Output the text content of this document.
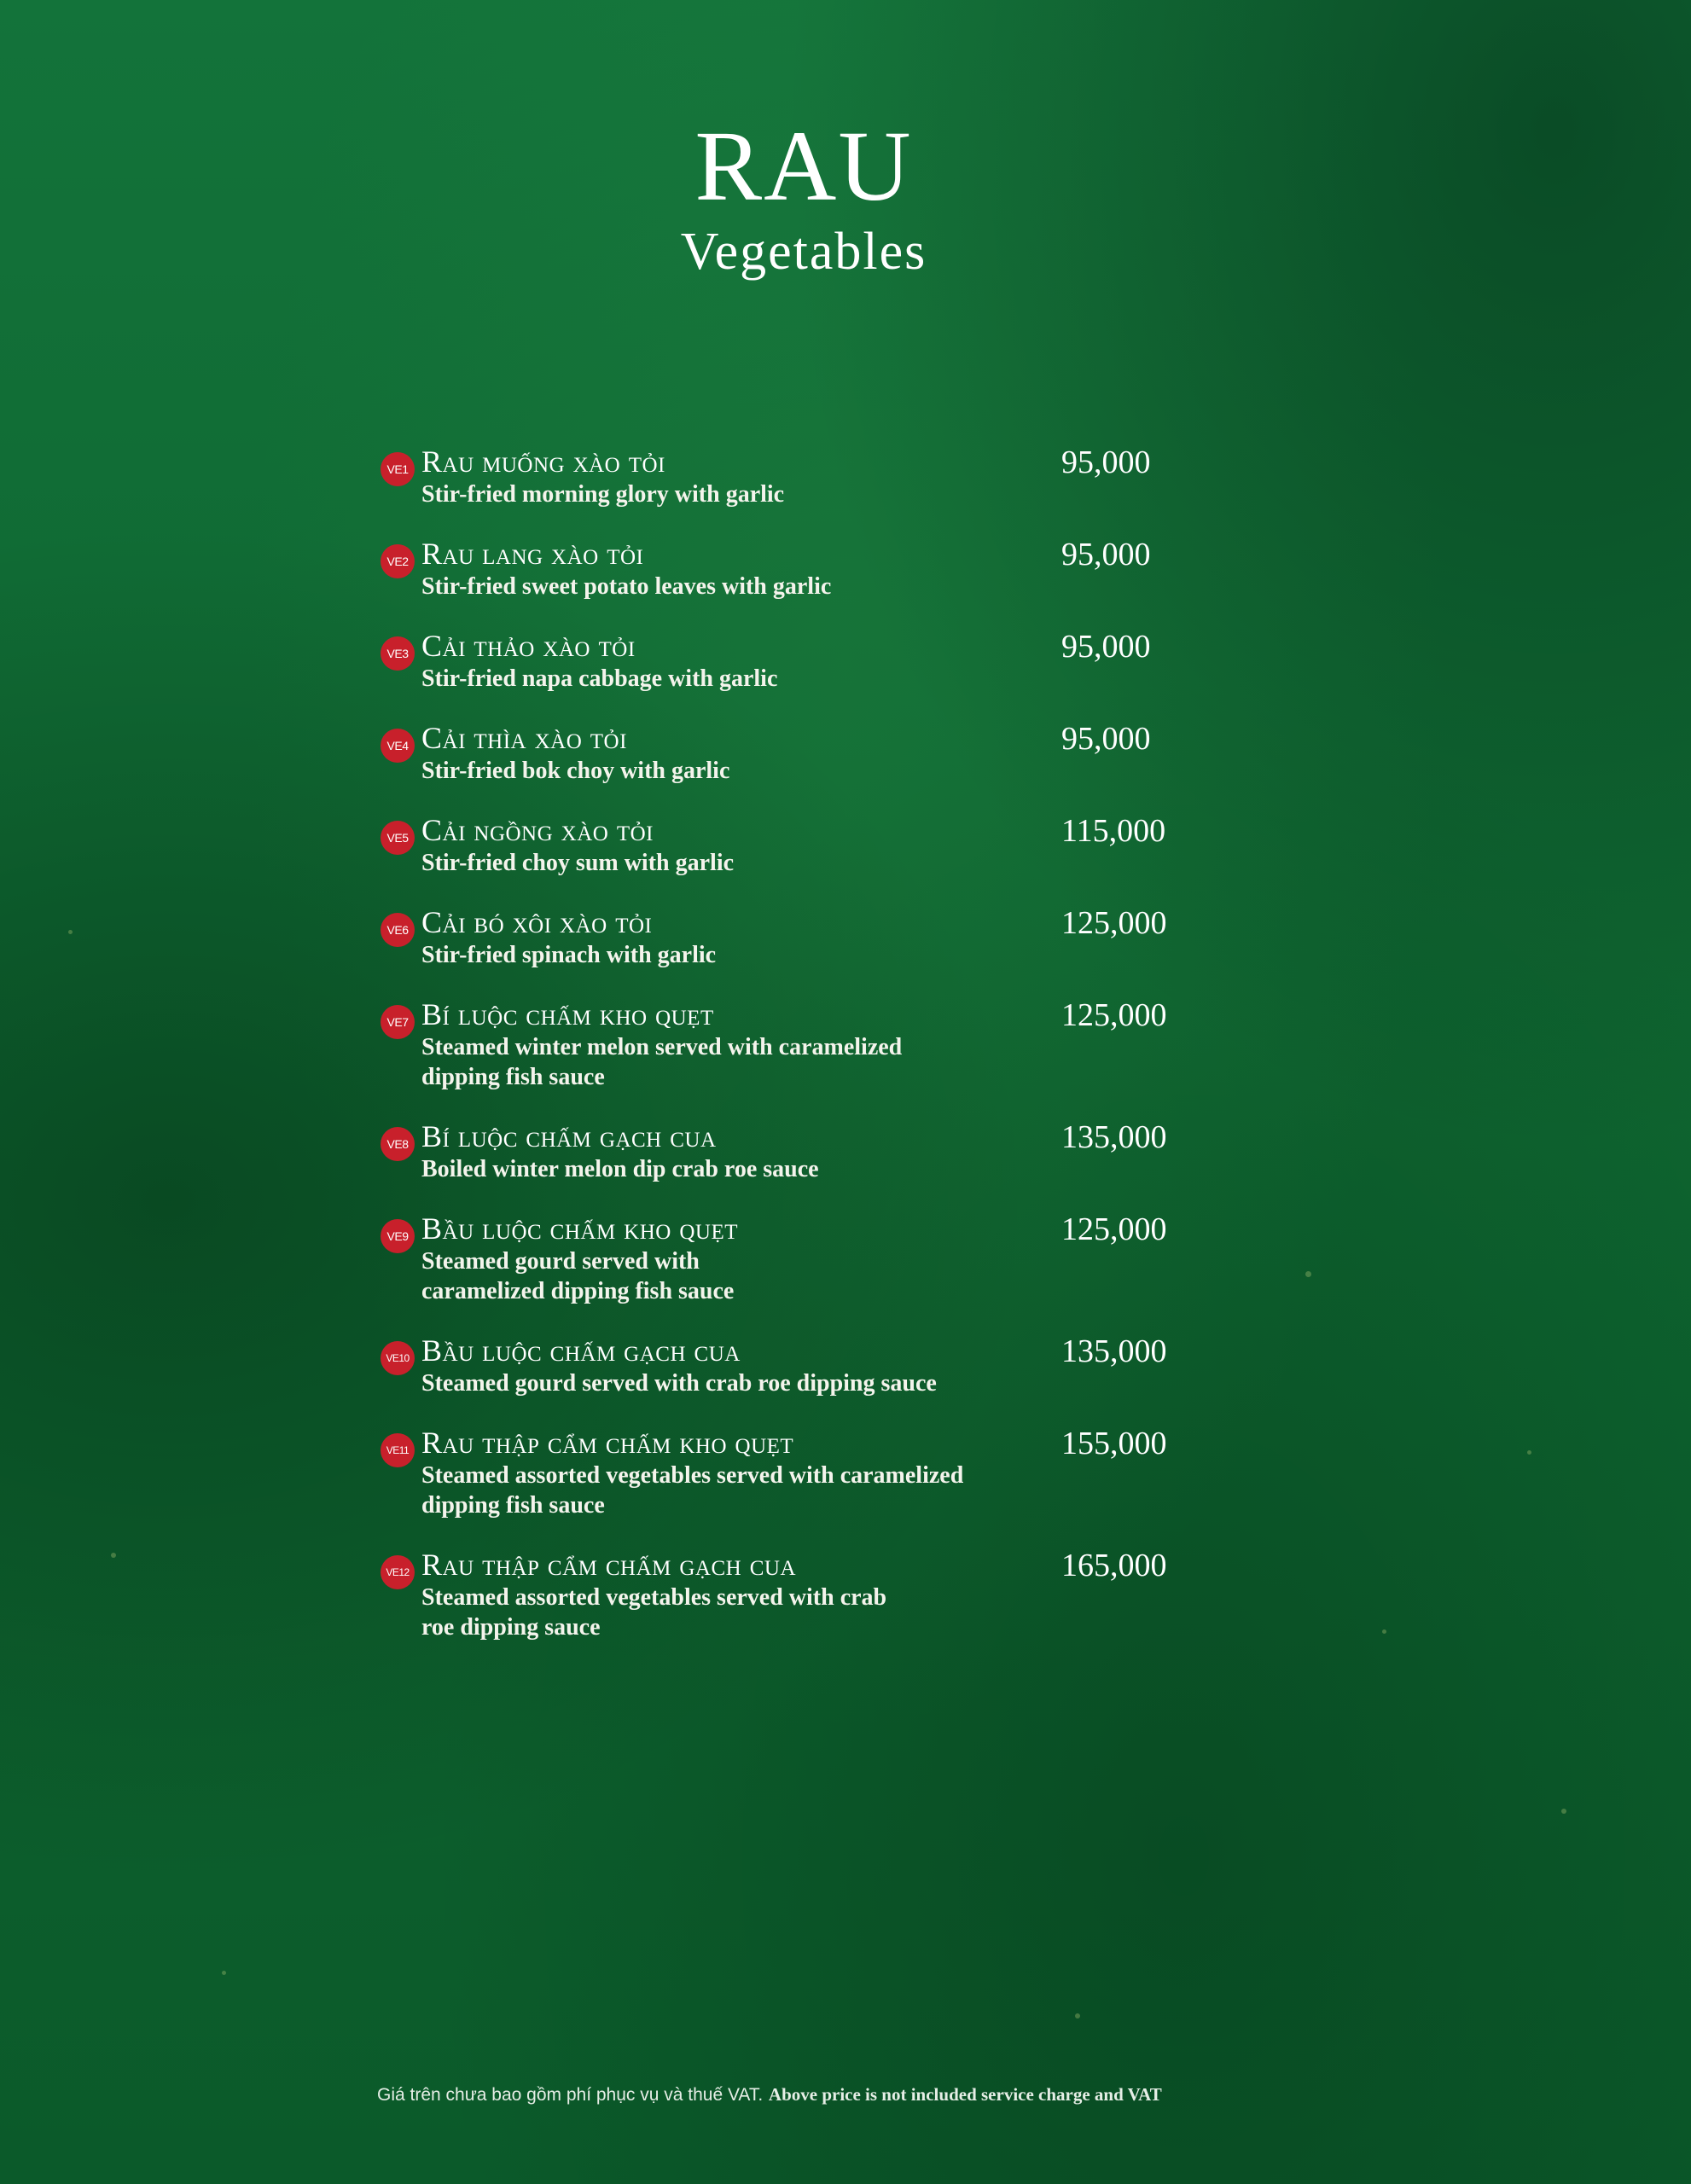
RAU
Vegetables
VE1 Rau muống xào tỏi
Stir-fried morning glory with garlic
95,000
VE2 Rau lang xào tỏi
Stir-fried sweet potato leaves with garlic
95,000
VE3 Cải thảo xào tỏi
Stir-fried napa cabbage with garlic
95,000
VE4 Cải thìa xào tỏi
Stir-fried bok choy with garlic
95,000
VE5 Cải ngồng xào tỏi
Stir-fried choy sum with garlic
115,000
VE6 Cải bó xôi xào tỏi
Stir-fried spinach with garlic
125,000
VE7 Bí luộc chấm kho quẹt
Steamed winter melon served with caramelized dipping fish sauce
125,000
VE8 Bí luộc chấm gạch cua
Boiled winter melon dip crab roe sauce
135,000
VE9 Bầu luộc chấm kho quẹt
Steamed gourd served with caramelized dipping fish sauce
125,000
VE10 Bầu luộc chấm gạch cua
Steamed gourd served with crab roe dipping sauce
135,000
VE11 Rau thập cẩm chấm kho quẹt
Steamed assorted vegetables served with caramelized dipping fish sauce
155,000
VE12 Rau thập cẩm chấm gạch cua
Steamed assorted vegetables served with crab roe dipping sauce
165,000
Giá trên chưa bao gồm phí phục vụ và thuế VAT. Above price is not included service charge and VAT
